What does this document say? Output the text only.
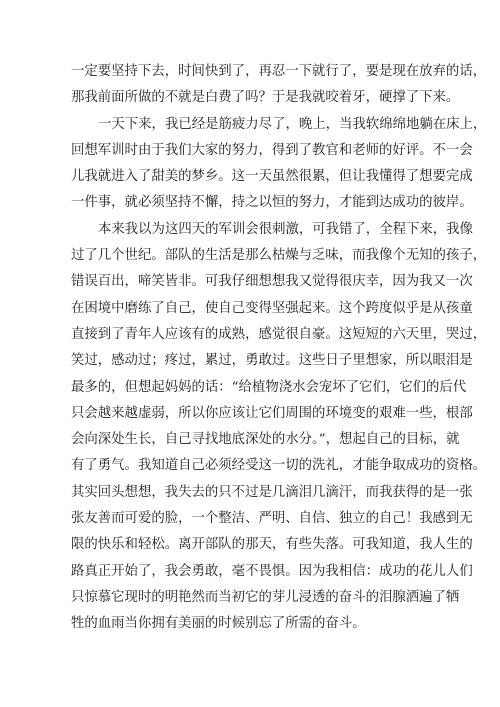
一定要坚持下去，时间快到了，再忍一下就行了，要是现在放弃的话，
那我前面所做的不就是白费了吗？于是我就咬着牙，硬撑了下来。
一天下来，我已经是筋疲力尽了，晚上，当我软绵绵地躺在床上，
回想军训时由于我们大家的努力，得到了教官和老师的好评。不一会
儿我就进入了甜美的梦乡。这一天虽然很累，但让我懂得了想要完成
一件事，就必须坚持不懈，持之以恒的努力，才能到达成功的彼岸。
本来我以为这四天的军训会很刺激，可我错了，全程下来，我像
过了几个世纪。部队的生活是那么枯燥与乏味，而我像个无知的孩子，
错误百出，啼笑皆非。可我仔细想想我又觉得很庆幸，因为我又一次
在困境中磨练了自己，使自己变得坚强起来。这个跨度似乎是从孩童
直接到了青年人应该有的成熟，感觉很自豪。这短短的六天里，哭过，
笑过，感动过；疼过，累过，勇敢过。这些日子里想家，所以眼泪是
最多的，但想起妈妈的话：“给植物浇水会宠坏了它们，它们的后代
只会越来越虚弱，所以你应该让它们周围的环境变的艰难一些，根部
会向深处生长，自己寻找地底深处的水分。”，想起自己的目标，就
有了勇气。我知道自己必须经受这一切的洗礼，才能争取成功的资格。
其实回头想想，我失去的只不过是几滴泪几滴汗，而我获得的是一张
张友善而可爱的脸，一个整洁、严明、自信、独立的自己！我感到无
限的快乐和轻松。离开部队的那天，有些失落。可我知道，我人生的
路真正开始了，我会勇敢，毫不畏惧。因为我相信：成功的花儿人们
只惊慕它现时的明艳然而当初它的芽儿浸透的奋斗的泪腺洒遍了牺
牲的血雨当你拥有美丽的时候别忘了所需的奋斗。
